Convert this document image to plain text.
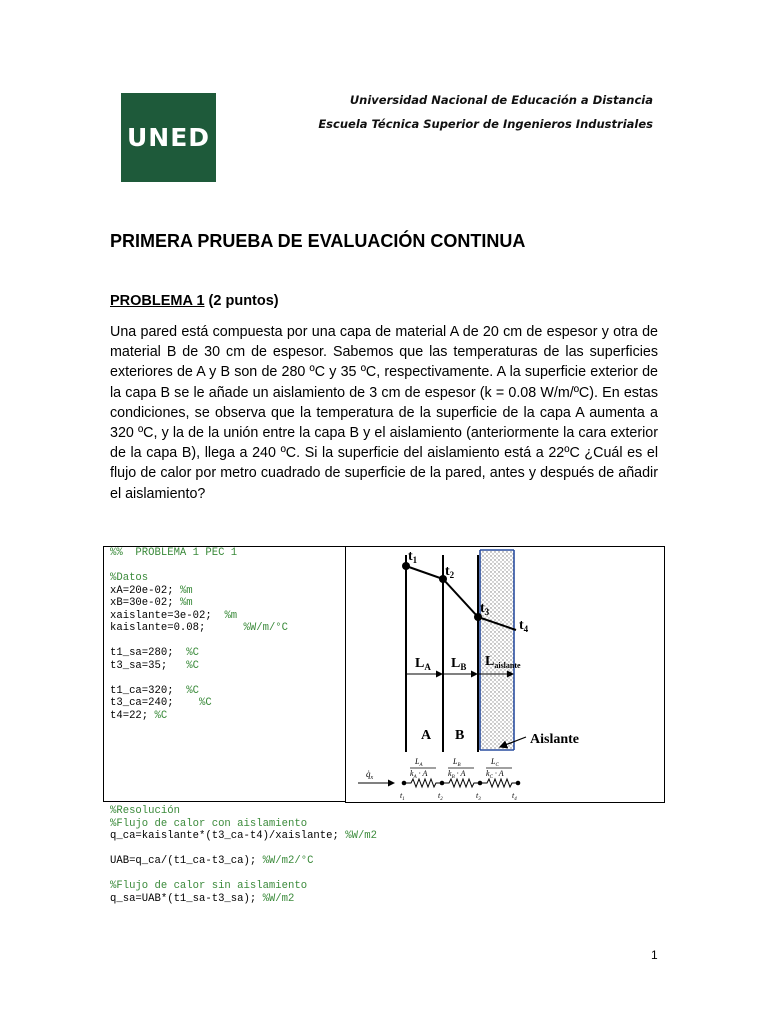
UNED
Universidad Nacional de Educación a Distancia
Escuela Técnica Superior de Ingenieros Industriales
PRIMERA PRUEBA DE EVALUACIÓN CONTINUA
PROBLEMA 1 (2 puntos)

Una pared está compuesta por una capa de material A de 20 cm de espesor y otra de material B de 30 cm de espesor. Sabemos que las temperaturas de las superficies exteriores de A y B son de 280 ºC y 35 ºC, respectivamente. A la superficie exterior de la capa B se le añade un aislamiento de 3 cm de espesor (k = 0.08 W/m/ºC). En estas condiciones, se observa que la temperatura de la superficie de la capa A aumenta a 320 ºC, y la de la unión entre la capa B y el aislamiento (anteriormente la cara exterior de la capa B), llega a 240 ºC. Si la superficie del aislamiento está a 22ºC ¿Cuál es el flujo de calor por metro cuadrado de superficie de la pared, antes y después de añadir el aislamiento?

%%  PROBLEMA 1 PEC 1

%Datos
xA=20e-02; %m
xB=30e-02; %m
xaislante=3e-02;  %m
kaislante=0.08;      %W/m/°C

t1_sa=280;  %C
t3_sa=35;   %C

t1_ca=320;  %C
t3_ca=240;    %C
t4=22; %C
%Resolución
%Flujo de calor con aislamiento
q_ca=kaislante*(t3_ca-t4)/xaislante; %W/m2

UAB=q_ca/(t1_ca-t3_ca); %W/m2/°C

%Flujo de calor sin aislamiento
q_sa=UAB*(t1_sa-t3_sa); %W/m2
$t_1$
$t_2$
$t_3$
$t_4$
$L_A$ $L_B$ $L_{aislante}$
A B	Aislante
$q̇_x$
$L_A$
$k_A \cdot A$
$L_B$
$k_B \cdot A$
$L_C$
$k_C \cdot A$
$t_1$	$t_2$	$t_3$	$t_4$
1
